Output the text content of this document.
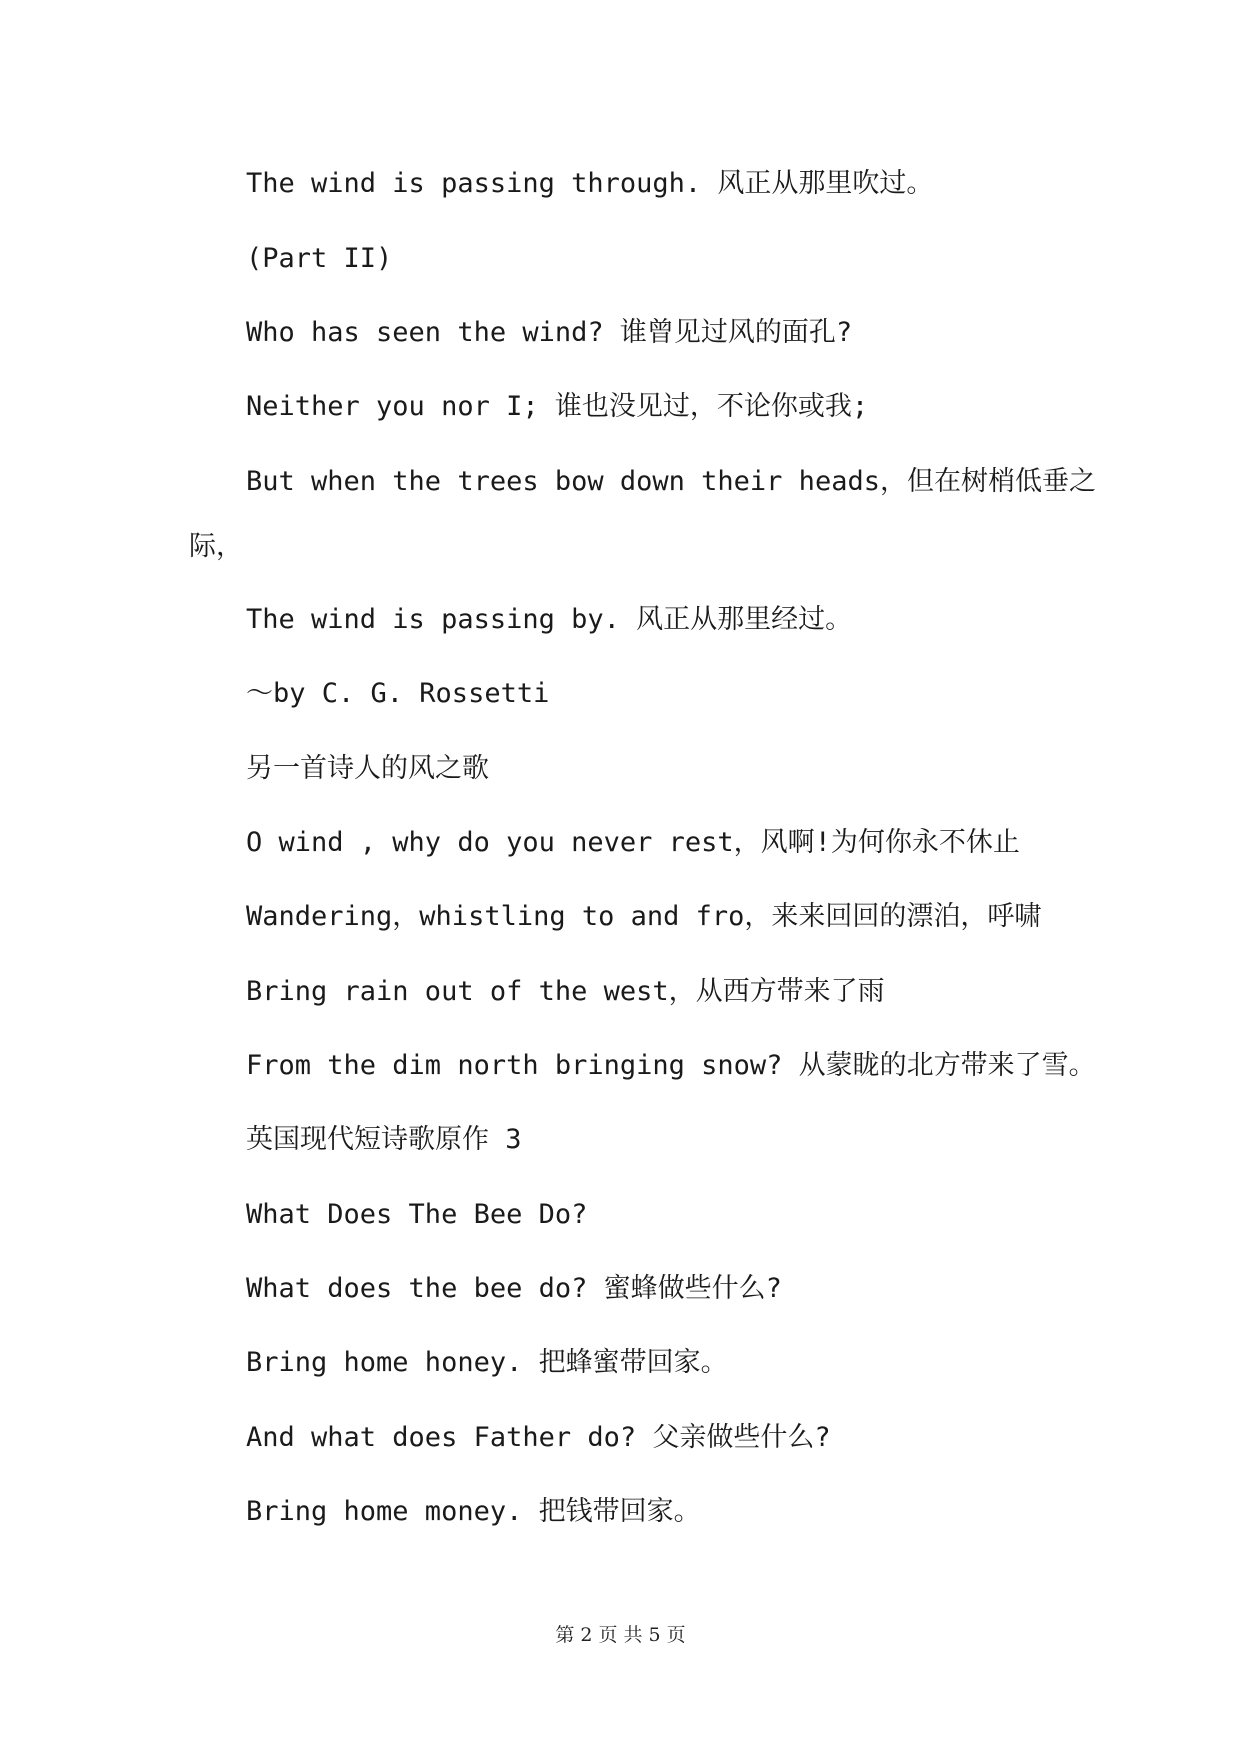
The wind is passing through. 风正从那里吹过。
(Part II)
Who has seen the wind? 谁曾见过风的面孔?
Neither you nor I; 谁也没见过，不论你或我;
But when the trees bow down their heads，但在树梢低垂之
际，
The wind is passing by. 风正从那里经过。
～by C. G. Rossetti
另一首诗人的风之歌
O wind , why do you never rest，风啊!为何你永不休止
Wandering，whistling to and fro，来来回回的漂泊，呼啸
Bring rain out of the west，从西方带来了雨
From the dim north bringing snow? 从蒙眬的北方带来了雪。
英国现代短诗歌原作 3
What Does The Bee Do?
What does the bee do? 蜜蜂做些什么?
Bring home honey. 把蜂蜜带回家。
And what does Father do? 父亲做些什么?
Bring home money. 把钱带回家。
第 2 页 共 5 页
